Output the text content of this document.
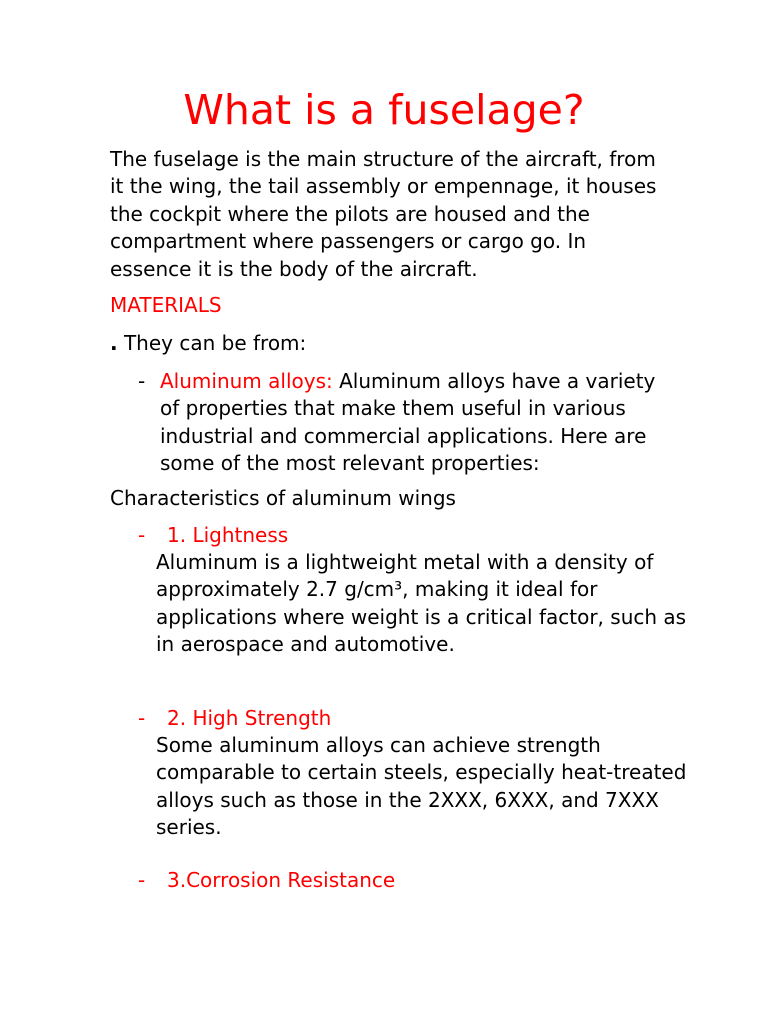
What is a fuselage?

The fuselage is the main structure of the aircraft, from it the wing, the tail assembly or empennage, it houses the cockpit where the pilots are housed and the compartment where passengers or cargo go. In essence it is the body of the aircraft.

MATERIALS

. They can be from:

- Aluminum alloys: Aluminum alloys have a variety of properties that make them useful in various industrial and commercial applications. Here are some of the most relevant properties:

Characteristics of aluminum wings

- 1. Lightness

Aluminum is a lightweight metal with a density of approximately 2.7 g/cm³, making it ideal for applications where weight is a critical factor, such as in aerospace and automotive.

- 2. High Strength

Some aluminum alloys can achieve strength comparable to certain steels, especially heat-treated alloys such as those in the 2XXX, 6XXX, and 7XXX series.

- 3.Corrosion Resistance
